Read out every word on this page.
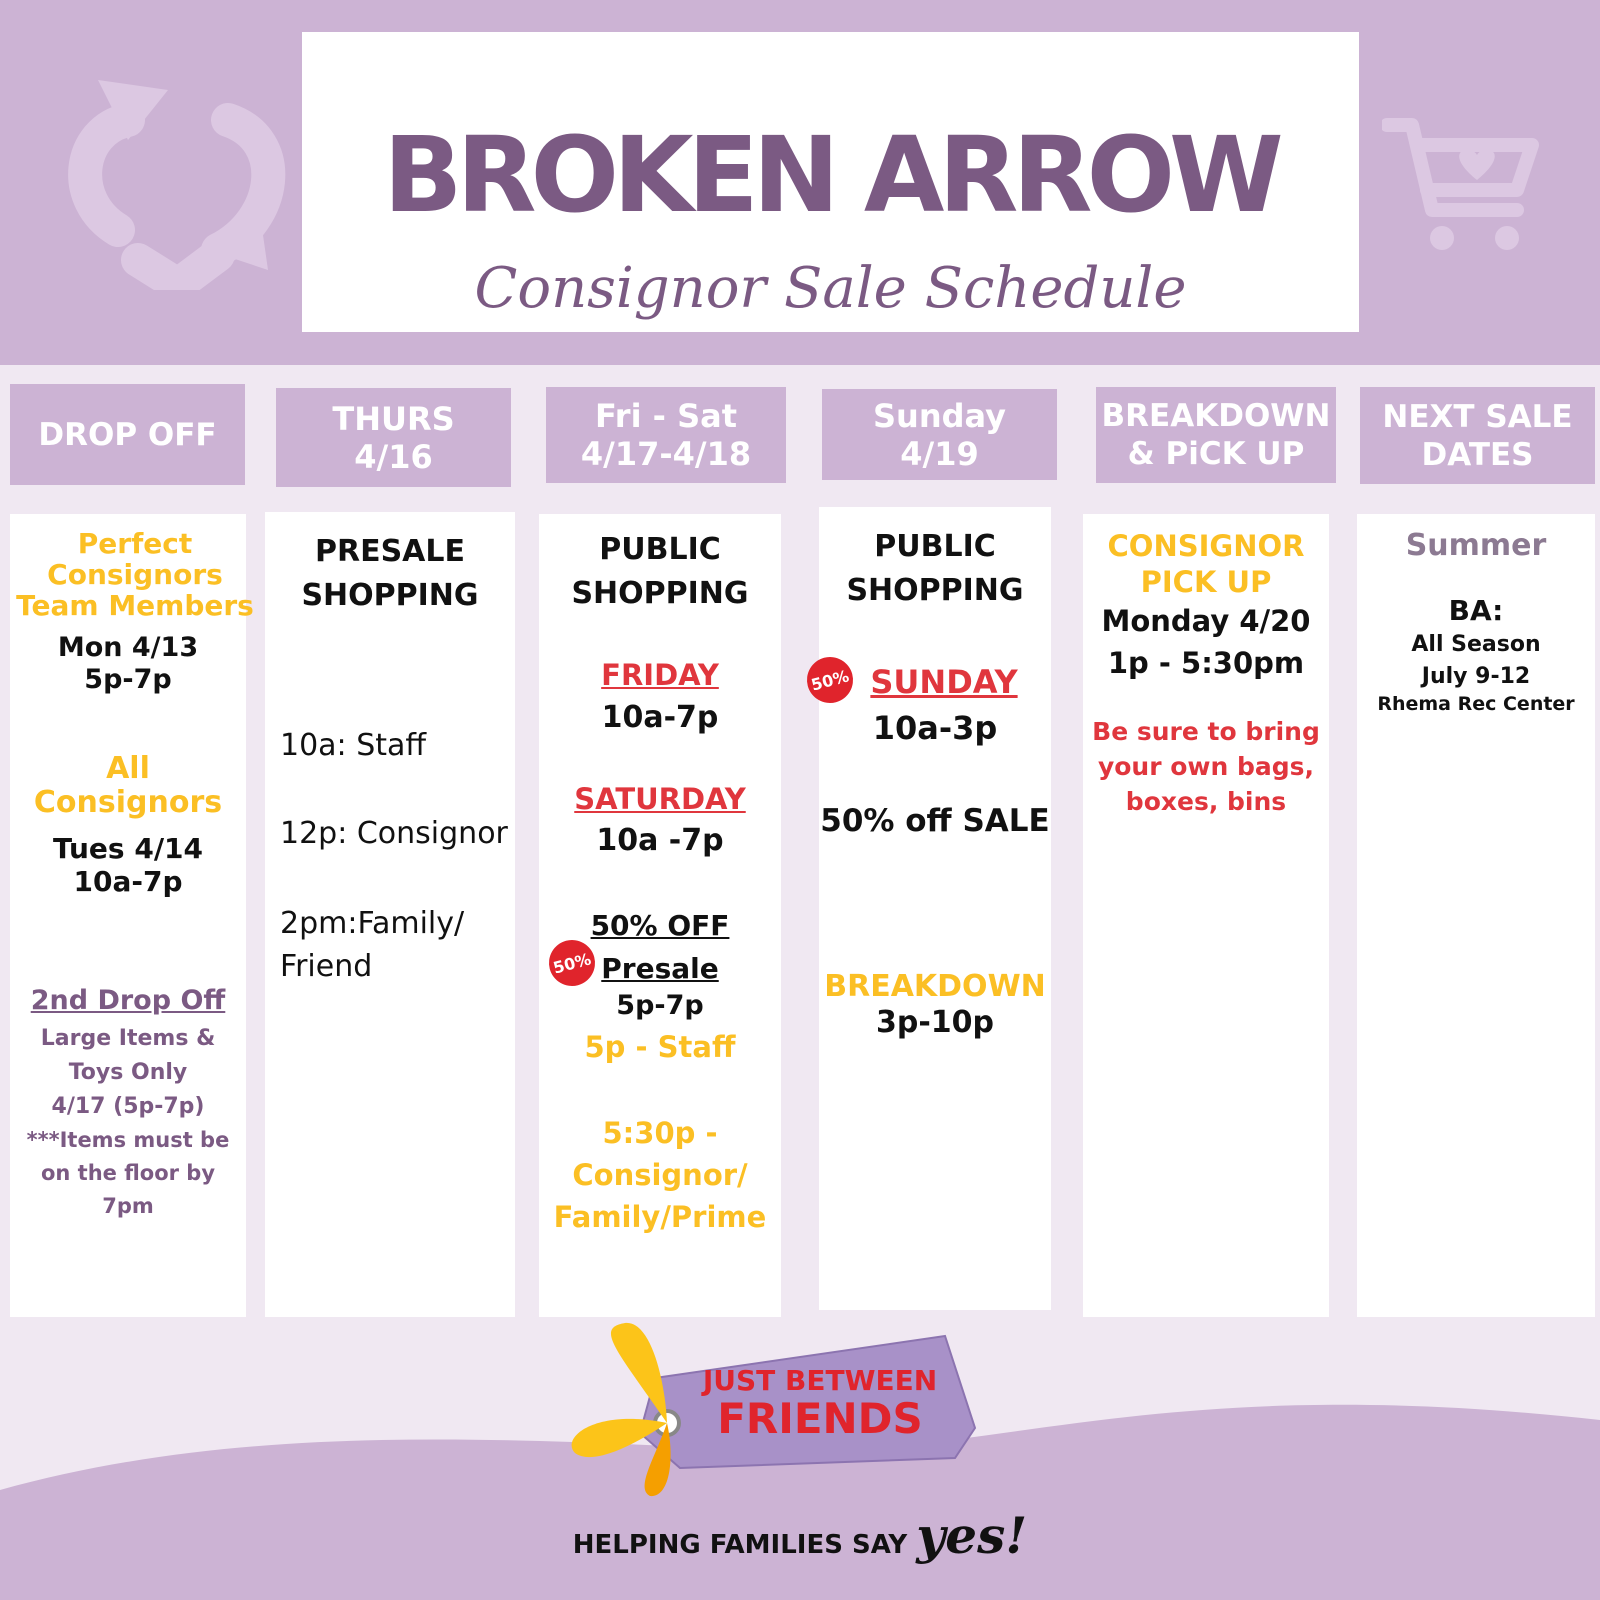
BROKEN ARROW
Consignor Sale Schedule
DROP OFF	THURS
4/16
Fri - Sat
4/17-4/18
Sunday
4/19
BREAKDOWN
& PiCK UP
NEXT SALE
DATES
Perfect
Consignors
Team Members
Mon 4/13
5p-7p
All
Consignors
Tues 4/14
10a-7p
2nd Drop Off
Large Items &
Toys Only
4/17 (5p-7p)
***Items must be
on the floor by
7pm
PRESALE
SHOPPING
10a: Staff
12p: Consignor
2pm:Family/
Friend
PUBLIC
SHOPPING
FRIDAY
10a-7p
SATURDAY
10a -7p
50%
50% OFF
Presale
5p-7p
5p - Staff
5:30p -
Consignor/
Family/Prime
PUBLIC
SHOPPING
50% SUNDAY
10a-3p
50% off SALE
BREAKDOWN
3p-10p
CONSIGNOR
PICK UP
Monday 4/20
1p - 5:30pm
Be sure to bring
your own bags,
boxes, bins
Summer
BA:
All Season
July 9-12
Rhema Rec Center
JUST BETWEEN
FRIENDS
HELPING FAMILIES SAY yes!
